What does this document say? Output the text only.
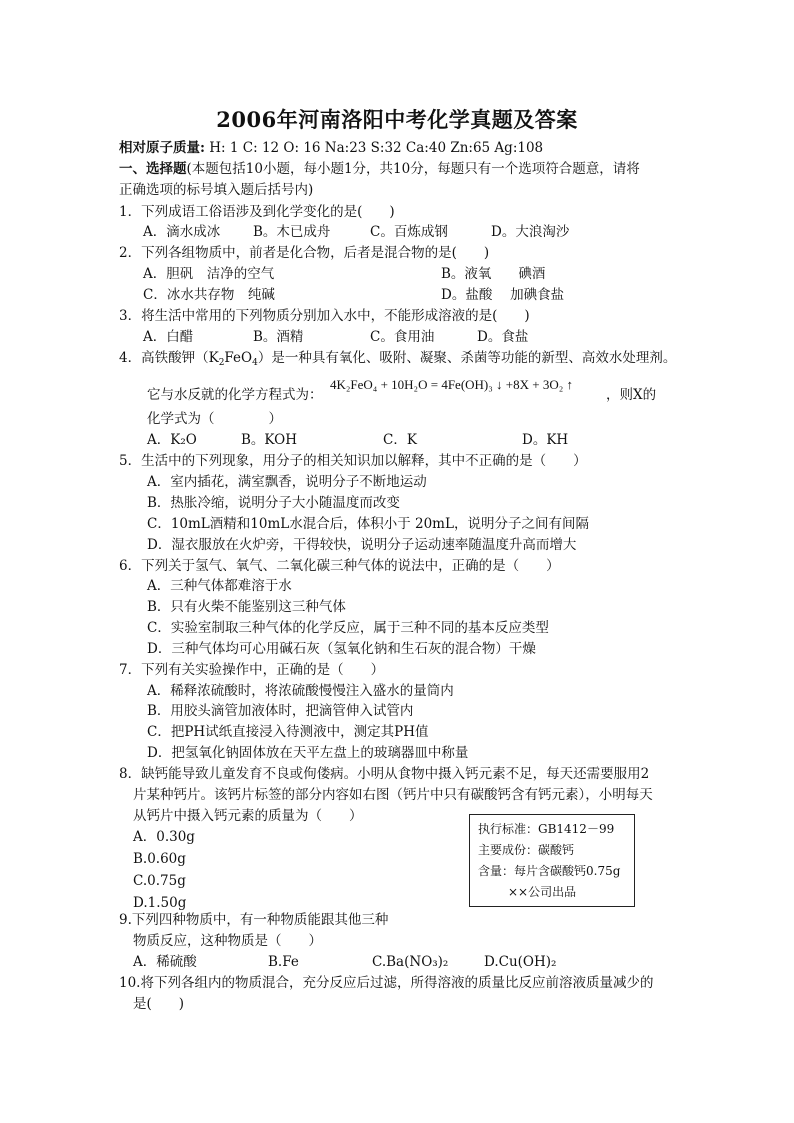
2006年河南洛阳中考化学真题及答案
相对原子质量: H: 1 C: 12 O: 16 Na:23 S:32 Ca:40 Zn:65 Ag:108
一、选择题(本题包括10小题，每小题1分，共10分，每题只有一个选项符合题意，请将
正确选项的标号填入题后括号内)
1．下列成语工俗语涉及到化学变化的是(　　)
A．滴水成冰 B。木已成舟	C。百炼成钢	D。大浪淘沙
2．下列各组物质中，前者是化合物，后者是混合物的是(　　)
A．胆矾　洁净的空气	B。液氧　　碘酒
C．冰水共存物　纯碱	D。盐酸　 加碘食盐
3．将生活中常用的下列物质分别加入水中，不能形成溶液的是(　　)
A．白醋	B。酒精	C。食用油	D。食盐
4．高铁酸钾$(K_2FeO_4)$是一种具有氧化、吸附、凝聚、杀菌等功能的新型、高效水处理剂。
它与水反就的化学方程式为：
4K₂FeO₄ + 10H₂O = 4Fe(OH)₃ ↓ +8X + 3O₂ ↑
，则X的
化学式为（　　　　）
A．K₂O	B。KOH	C．K	D。KH
5．生活中的下列现象，用分子的相关知识加以解释，其中不正确的是（　　）
A．室内插花，满室飘香，说明分子不断地运动
B．热胀冷缩，说明分子大小随温度而改变
C．10mL酒精和10mL水混合后，体积小于 20mL，说明分子之间有间隔
D．湿衣服放在火炉旁，干得较快，说明分子运动速率随温度升高而增大
6．下列关于氢气、氧气、二氧化碳三种气体的说法中，正确的是（　　）
A．三种气体都难溶于水
B．只有火柴不能鉴别这三种气体
C．实验室制取三种气体的化学反应，属于三种不同的基本反应类型
D．三种气体均可心用碱石灰（氢氧化钠和生石灰的混合物）干燥
7．下列有关实验操作中，正确的是（　　）
A．稀释浓硫酸时，将浓硫酸慢慢注入盛水的量筒内
B．用胶头滴管加液体时，把滴管伸入试管内
C．把PH试纸直接浸入待测液中，测定其PH值
D．把氢氧化钠固体放在天平左盘上的玻璃器皿中称量
8．缺钙能导致儿童发育不良或佝偻病。小明从食物中摄入钙元素不足，每天还需要服用2
片某种钙片。该钙片标签的部分内容如右图（钙片中只有碳酸钙含有钙元素），小明每天
从钙片中摄入钙元素的质量为（　　）
A．0.30g
B.0.60g
C.0.75g
D.1.50g
执行标准：GB1412－99
主要成份：碳酸钙
含量：每片含碳酸钙0.75g
××公司出品
9.下列四种物质中，有一种物质能跟其他三种
物质反应，这种物质是（　　）
A．稀硫酸	B.Fe	C.Ba(NO₃)₂	D.Cu(OH)₂
10.将下列各组内的物质混合，充分反应后过滤，所得溶液的质量比反应前溶液质量减少的
是(　　)
